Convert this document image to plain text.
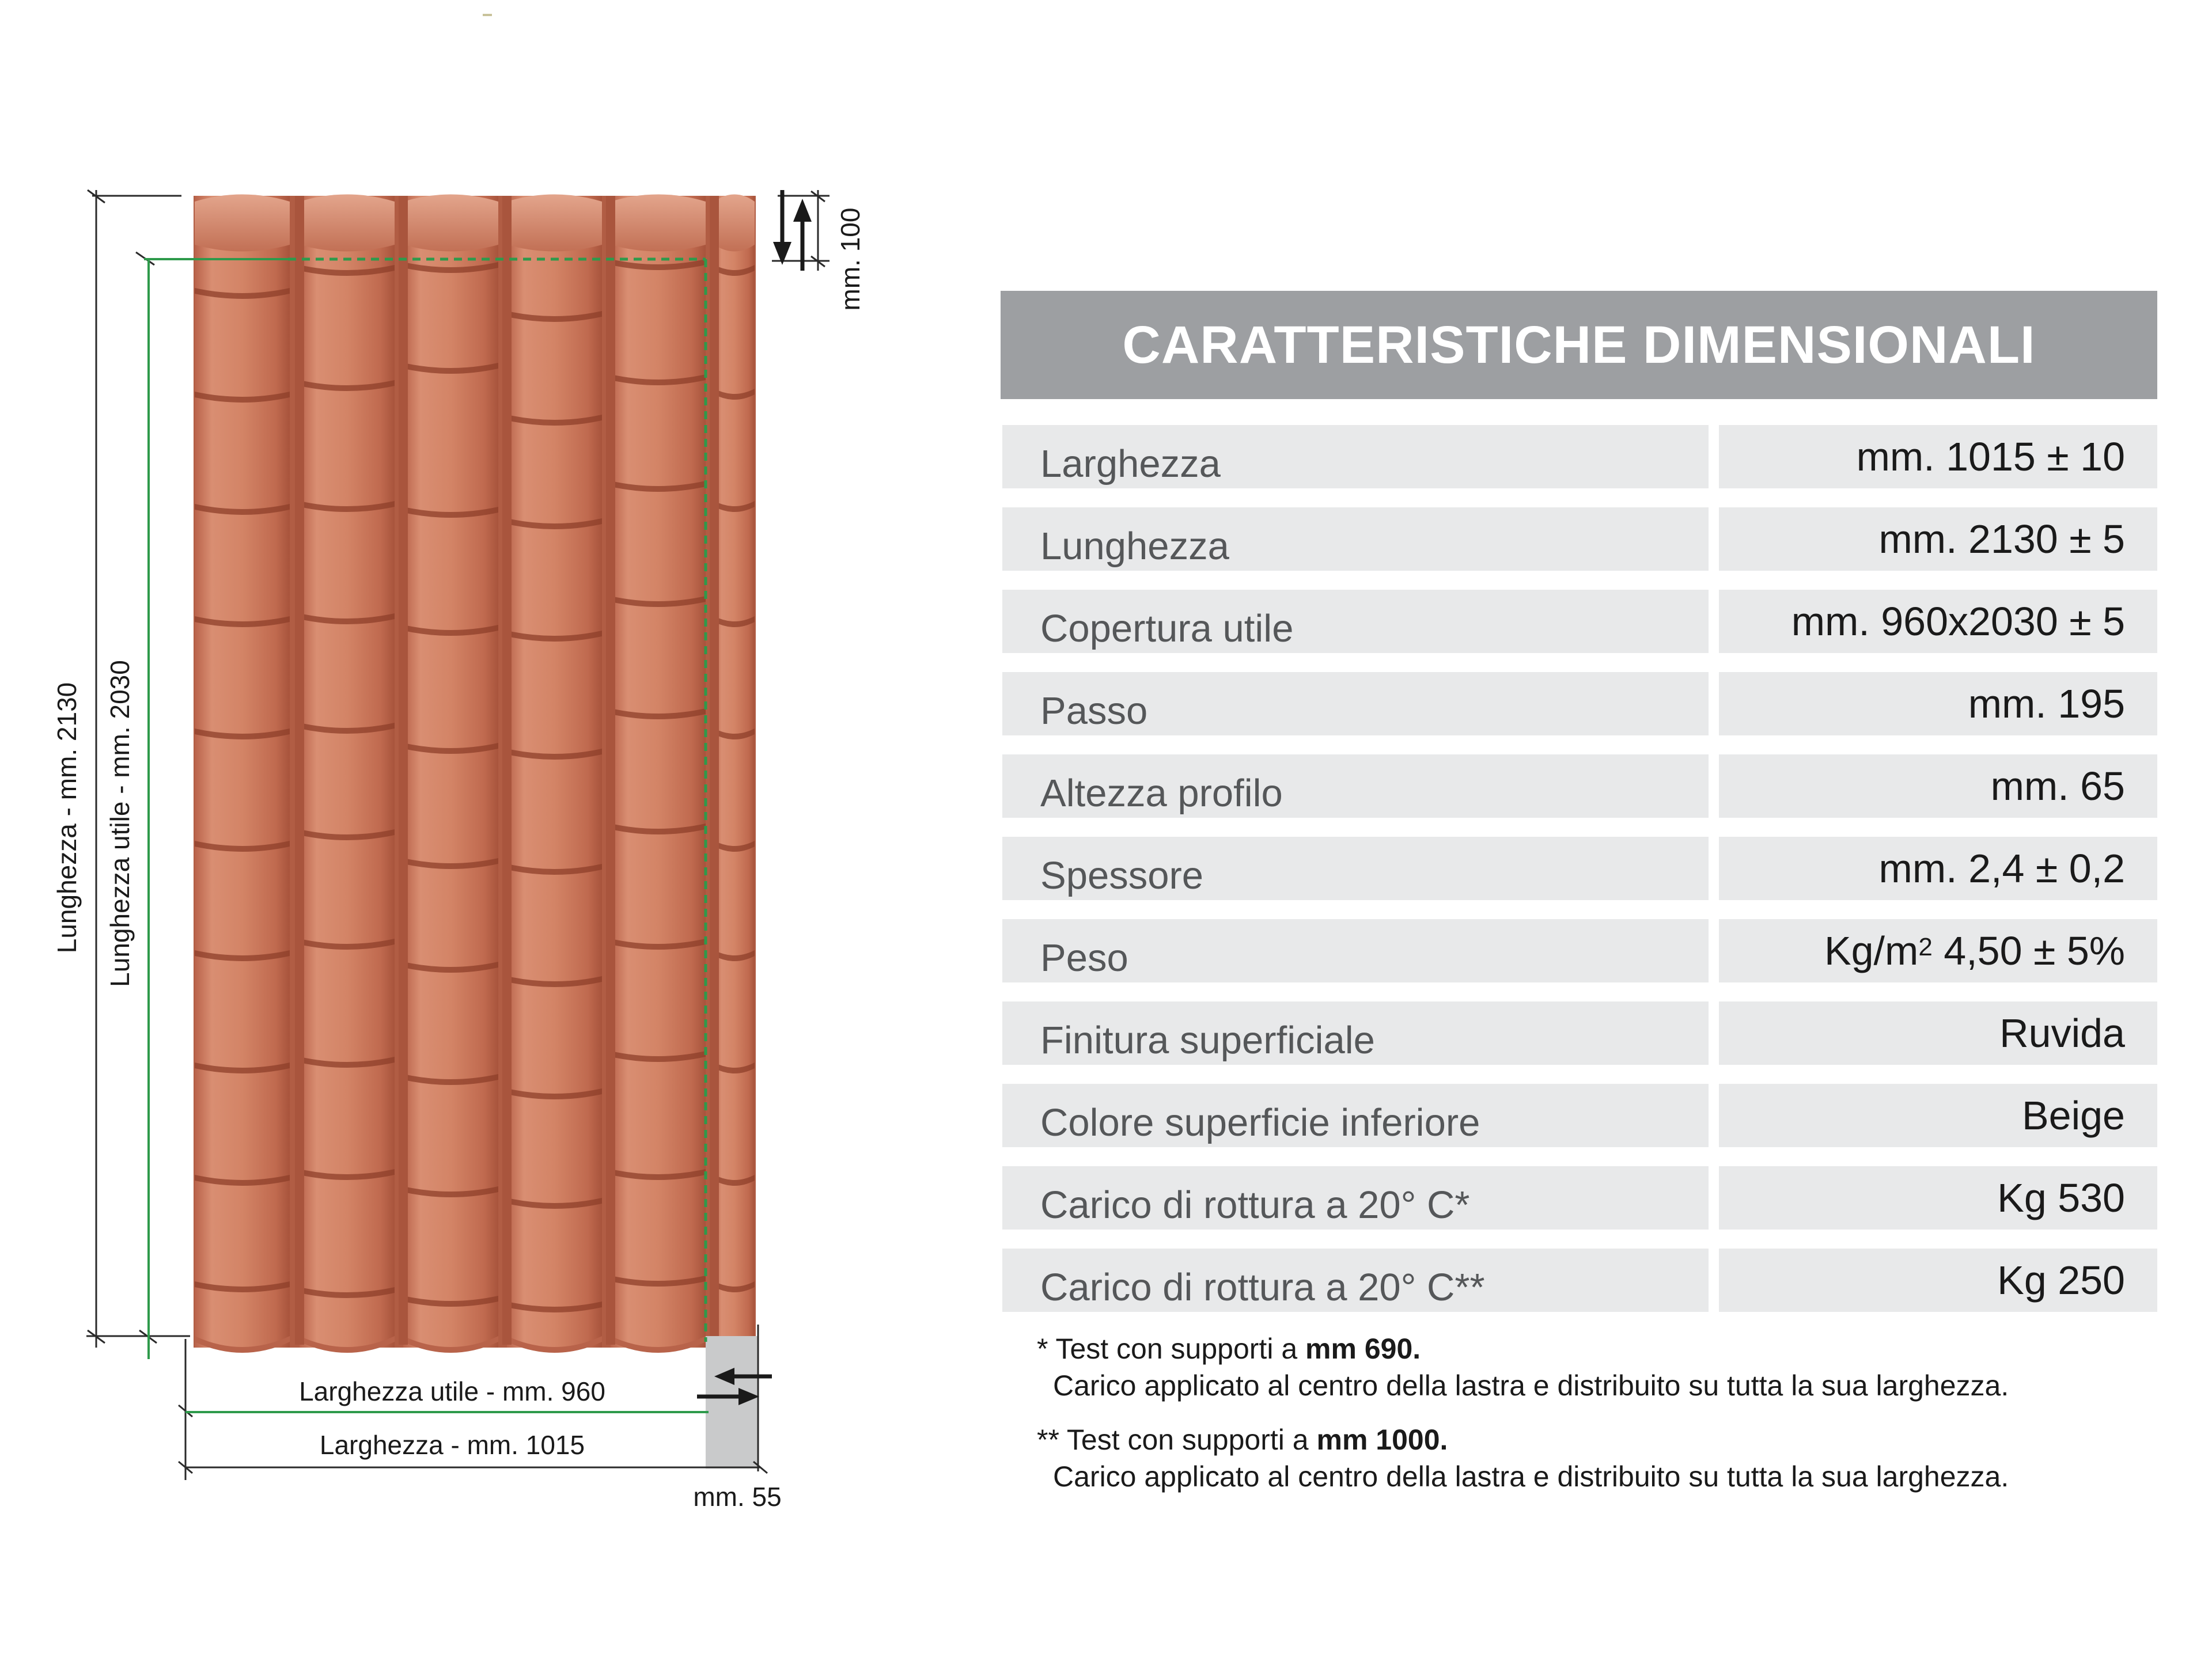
Lunghezza - mm. 2130 Lunghezza utile - mm. 2030
mm. 100
Larghezza utile - mm. 960
Larghezza - mm. 1015
mm. 55
CARATTERISTICHE DIMENSIONALI
Larghezza	mm. 1015 ± 10
Lunghezza	mm. 2130 ± 5
Copertura utile	mm. 960x2030 ± 5
Passo	mm. 195
Altezza profilo	mm. 65
Spessore	mm. 2,4 ± 0,2
Peso	$Kg/m^2$ 4,50 ± 5%
Finitura superficiale	Ruvida
Colore superficie inferiore	Beige
Carico di rottura a 20° C*	Kg 530
Carico di rottura a 20° C**	Kg 250
* Test con supporti a mm 690.
Carico applicato al centro della lastra e distribuito su tutta la sua larghezza.
** Test con supporti a mm 1000.
Carico applicato al centro della lastra e distribuito su tutta la sua larghezza.
